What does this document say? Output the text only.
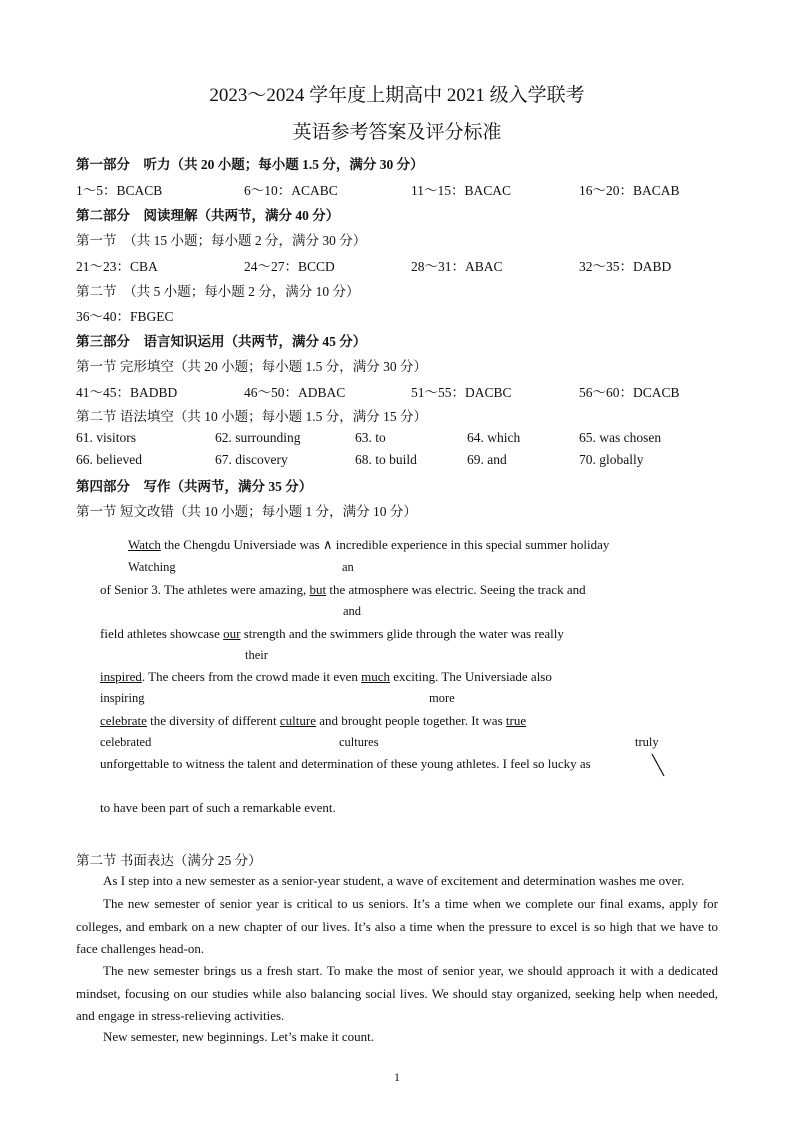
2023～2024 学年度上期高中 2021 级入学联考
英语参考答案及评分标准
第一部分　听力（共 20 小题；每小题 1.5 分，满分 30 分）
1～5：BCACB	6～10：ACABC	11～15：BACAC	16～20：BACAB
第二部分　阅读理解（共两节，满分 40 分）
第一节　（共 15 小题；每小题 2 分，满分 30 分）
21～23：CBA	24～27：BCCD	28～31：ABAC	32～35：DABD
第二节　（共 5 小题；每小题 2 分，满分 10 分）
36～40：FBGEC
第三部分　语言知识运用（共两节，满分 45 分）
第一节 完形填空（共 20 小题；每小题 1.5 分，满分 30 分）
41～45：BADBD	46～50：ADBAC	51～55：DACBC	56～60：DCACB
第二节 语法填空（共 10 小题；每小题 1.5 分，满分 15 分）
61. visitors	62. surrounding	63. to	64. which	65. was chosen
66. believed	67. discovery	68. to build	69. and	70. globally
第四部分　写作（共两节，满分 35 分）
第一节 短文改错（共 10 小题；每小题 1 分，满分 10 分）
Watch the Chengdu Universiade was ∧ incredible experience in this special summer holiday
Watching	an
of Senior 3. The athletes were amazing, but the atmosphere was electric. Seeing the track and
and
field athletes showcase our strength and the swimmers glide through the water was really
their
inspired. The cheers from the crowd made it even much exciting. The Universiade also
inspiring	more
celebrate the diversity of different culture and brought people together. It was true
celebrated	cultures	truly
unforgettable to witness the talent and determination of these young athletes. I feel so lucky as
to have been part of such a remarkable event.
第二节 书面表达（满分 25 分）
As I step into a new semester as a senior-year student, a wave of excitement and determination washes me over.
The new semester of senior year is critical to us seniors. It’s a time when we complete our final exams, apply for colleges, and embark on a new chapter of our lives. It’s also a time when the pressure to excel is so high that we have to face challenges head-on.
The new semester brings us a fresh start. To make the most of senior year, we should approach it with a dedicated mindset, focusing on our studies while also balancing social lives. We should stay organized, seeking help when needed, and engage in stress-relieving activities.
New semester, new beginnings. Let’s make it count.
1
